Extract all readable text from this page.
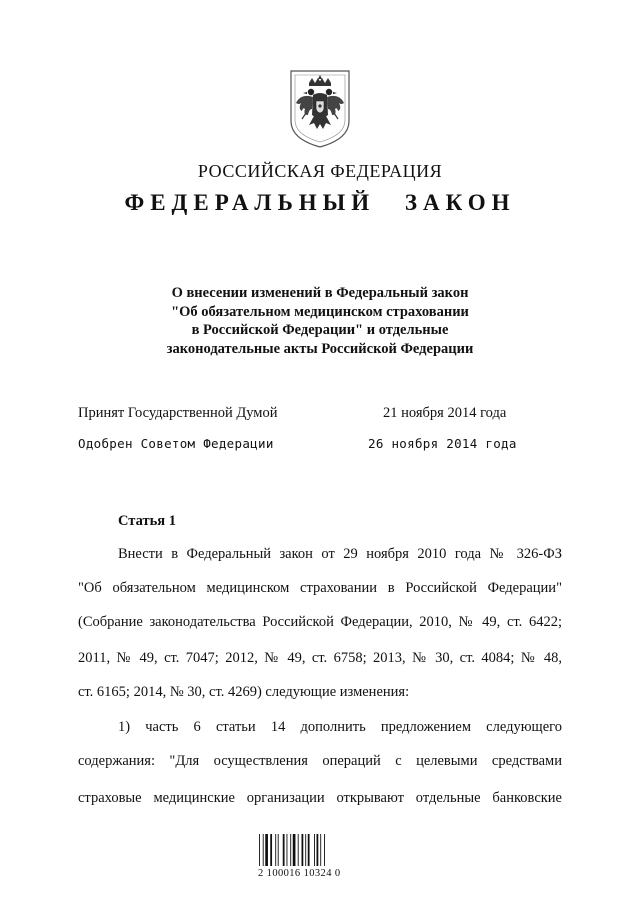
РОССИЙСКАЯ ФЕДЕРАЦИЯ
ФЕДЕРАЛЬНЫЙ ЗАКОН
О внесении изменений в Федеральный закон
"Об обязательном медицинском страховании
в Российской Федерации" и отдельные
законодательные акты Российской Федерации
Принят Государственной Думой	21 ноября 2014 года
Одобрен Советом Федерации	26 ноября 2014 года
Статья 1
Внести в Федеральный закон от 29 ноября 2010 года № 326-ФЗ
"Об обязательном медицинском страховании в Российской Федерации"
(Собрание законодательства Российской Федерации, 2010, № 49, ст. 6422;
2011, № 49, ст. 7047; 2012, № 49, ст. 6758; 2013, № 30, ст. 4084; № 48,
ст. 6165; 2014, № 30, ст. 4269) следующие изменения:
1) часть 6 статьи 14 дополнить предложением следующего
содержания: "Для осуществления операций с целевыми средствами
страховые медицинские организации открывают отдельные банковские
2 100016 10324 0
